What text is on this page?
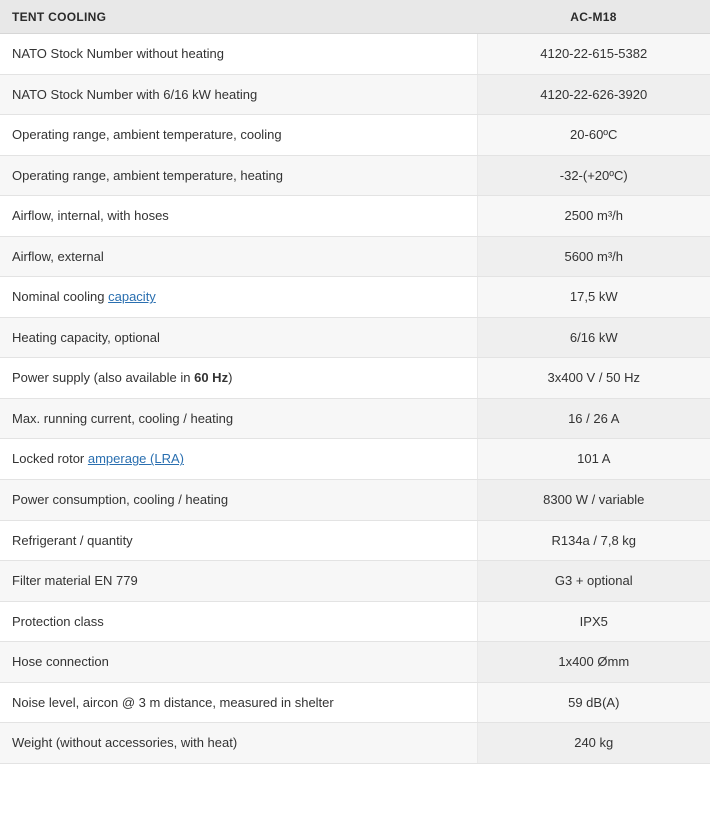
TENT COOLING	AC-M18
NATO Stock Number without heating	4120-22-615-5382
NATO Stock Number with 6/16 kW heating	4120-22-626-3920
Operating range, ambient temperature, cooling	20-60ºC
Operating range, ambient temperature, heating	-32-(+20ºC)
Airflow, internal, with hoses	2500 m³/h
Airflow, external	5600 m³/h
Nominal cooling capacity	17,5 kW
Heating capacity, optional	6/16 kW
Power supply (also available in 60 Hz)	3x400 V / 50 Hz
Max. running current, cooling / heating	16 / 26 A
Locked rotor amperage (LRA)	101 A
Power consumption, cooling / heating	8300 W / variable
Refrigerant / quantity	R134a / 7,8 kg
Filter material EN 779	G3 + optional
Protection class	IPX5
Hose connection	1x400 Ømm
Noise level, aircon @ 3 m distance, measured in shelter	59 dB(A)
Weight (without accessories, with heat)	240 kg
